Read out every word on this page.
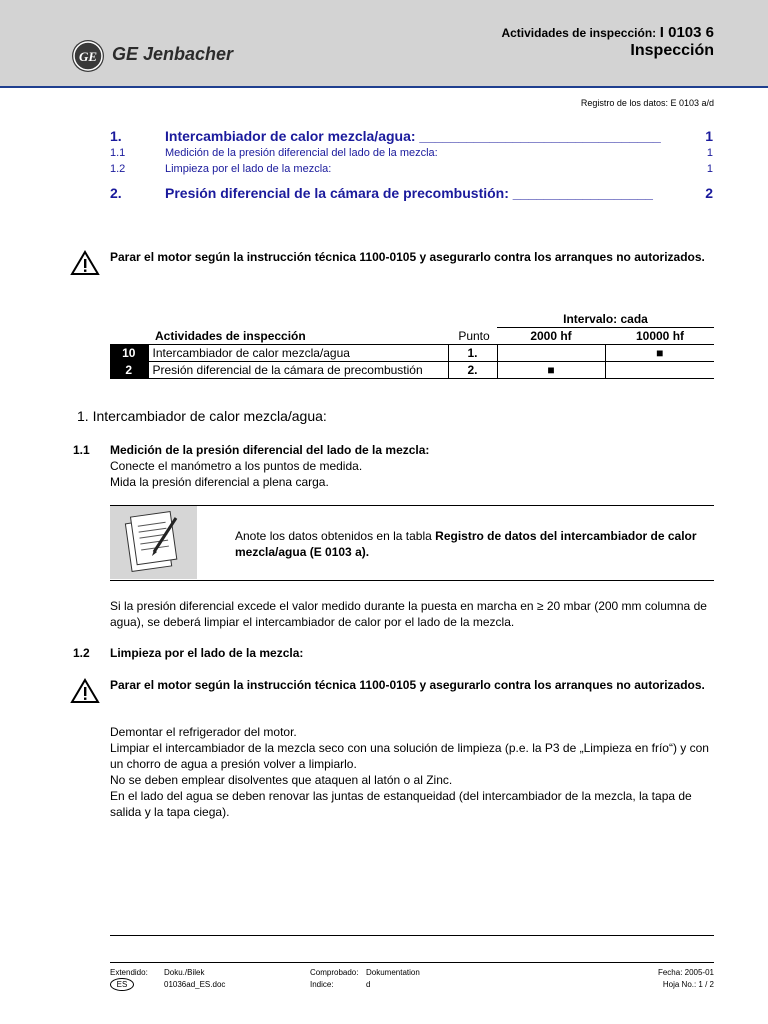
GE GE Jenbacher
Actividades de inspección: I 0103 6
Inspección
Registro de los datos: E 0103 a/d
1.	Intercambiador de calor mezcla/agua: _______________________________	1
1.1	Medición de la presión diferencial del lado de la mezcla:	1
1.2	Limpieza por el lado de la mezcla:	1
2.	Presión diferencial de la cámara de precombustión: __________________	2
Parar el motor según la instrucción técnica 1100-0105 y asegurarlo contra los arranques no autorizados.
Intervalo: cada
Actividades de inspección	Punto	2000 hf	10000 hf
10	Intercambiador de calor mezcla/agua	1.		■
2	Presión diferencial de la cámara de precombustión	2.	■	
1. Intercambiador de calor mezcla/agua:
1.1 Medición de la presión diferencial del lado de la mezcla:
Conecte el manómetro a los puntos de medida.
Mida la presión diferencial a plena carga.
Anote los datos obtenidos en la tabla Registro de datos del intercambiador de calor mezcla/agua (E 0103 a).
Si la presión diferencial excede el valor medido durante la puesta en marcha en ≥ 20 mbar (200 mm columna de agua), se deberá limpiar el intercambiador de calor por el lado de la mezcla.
1.2 Limpieza por el lado de la mezcla:
Parar el motor según la instrucción técnica 1100-0105 y asegurarlo contra los arranques no autorizados.
Demontar el refrigerador del motor.
Limpiar el intercambiador de la mezcla seco con una solución de limpieza (p.e. la P3 de „Limpieza en frío“) y con un chorro de agua a presión volver a limpiarlo.
No se deben emplear disolventes que ataquen al latón o al Zinc.
En el lado del agua se deben renovar las juntas de estanqueidad (del intercambiador de la mezcla, la tapa de salida y la tapa ciega).
Extendido: Doku./Bilek	Comprobado: Dokumentation	Fecha: 2005-01
ES	01036ad_ES.doc	Indice:	d	Hoja No.: 1 / 2
